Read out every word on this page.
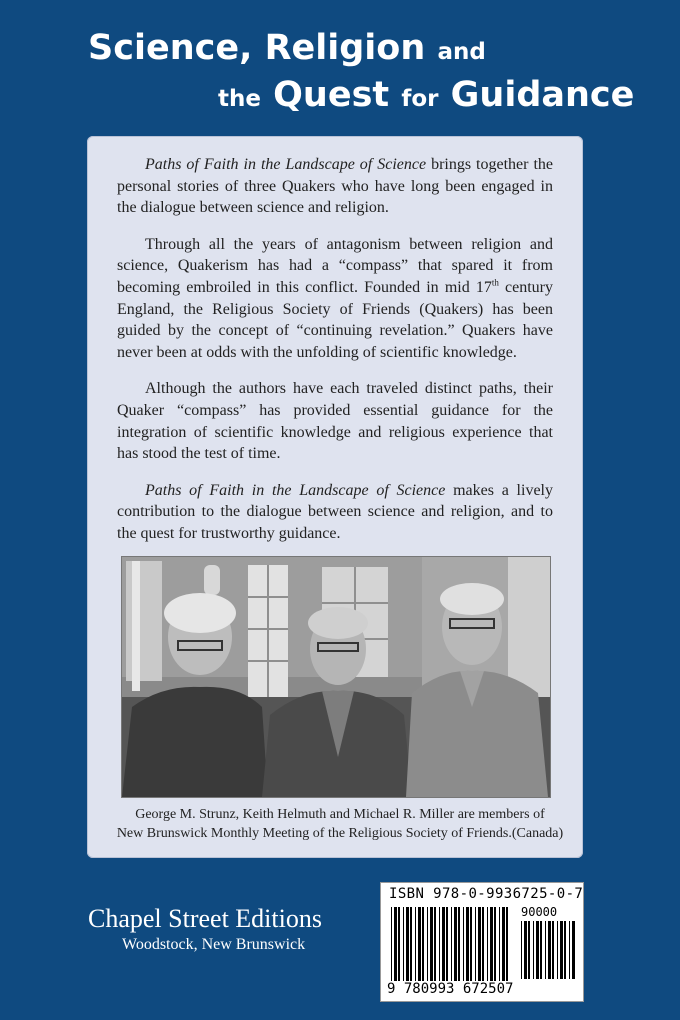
Science, Religion and
the Quest for Guidance

Paths of Faith in the Landscape of Science brings together the personal stories of three Quakers who have long been engaged in the dialogue between science and religion.

Through all the years of antagonism between religion and science, Quakerism has had a “compass” that spared it from becoming embroiled in this conflict. Founded in mid 17th century England, the Religious Society of Friends (Quakers) has been guided by the concept of “continuing revelation.” Quakers have never been at odds with the unfolding of scientific knowledge.

Although the authors have each traveled distinct paths, their Quaker “compass” has provided essential guidance for the integration of scientific knowledge and religious experience that has stood the test of time.

Paths of Faith in the Landscape of Science makes a lively contribution to the dialogue between science and religion, and to the quest for trustworthy guidance.

George M. Strunz, Keith Helmuth and Michael R. Miller are members of
New Brunswick Monthly Meeting of the Religious Society of Friends.(Canada)
Chapel Street Editions
Woodstock, New Brunswick
ISBN 978-0-9936725-0-7
90000
9 780993 672507
